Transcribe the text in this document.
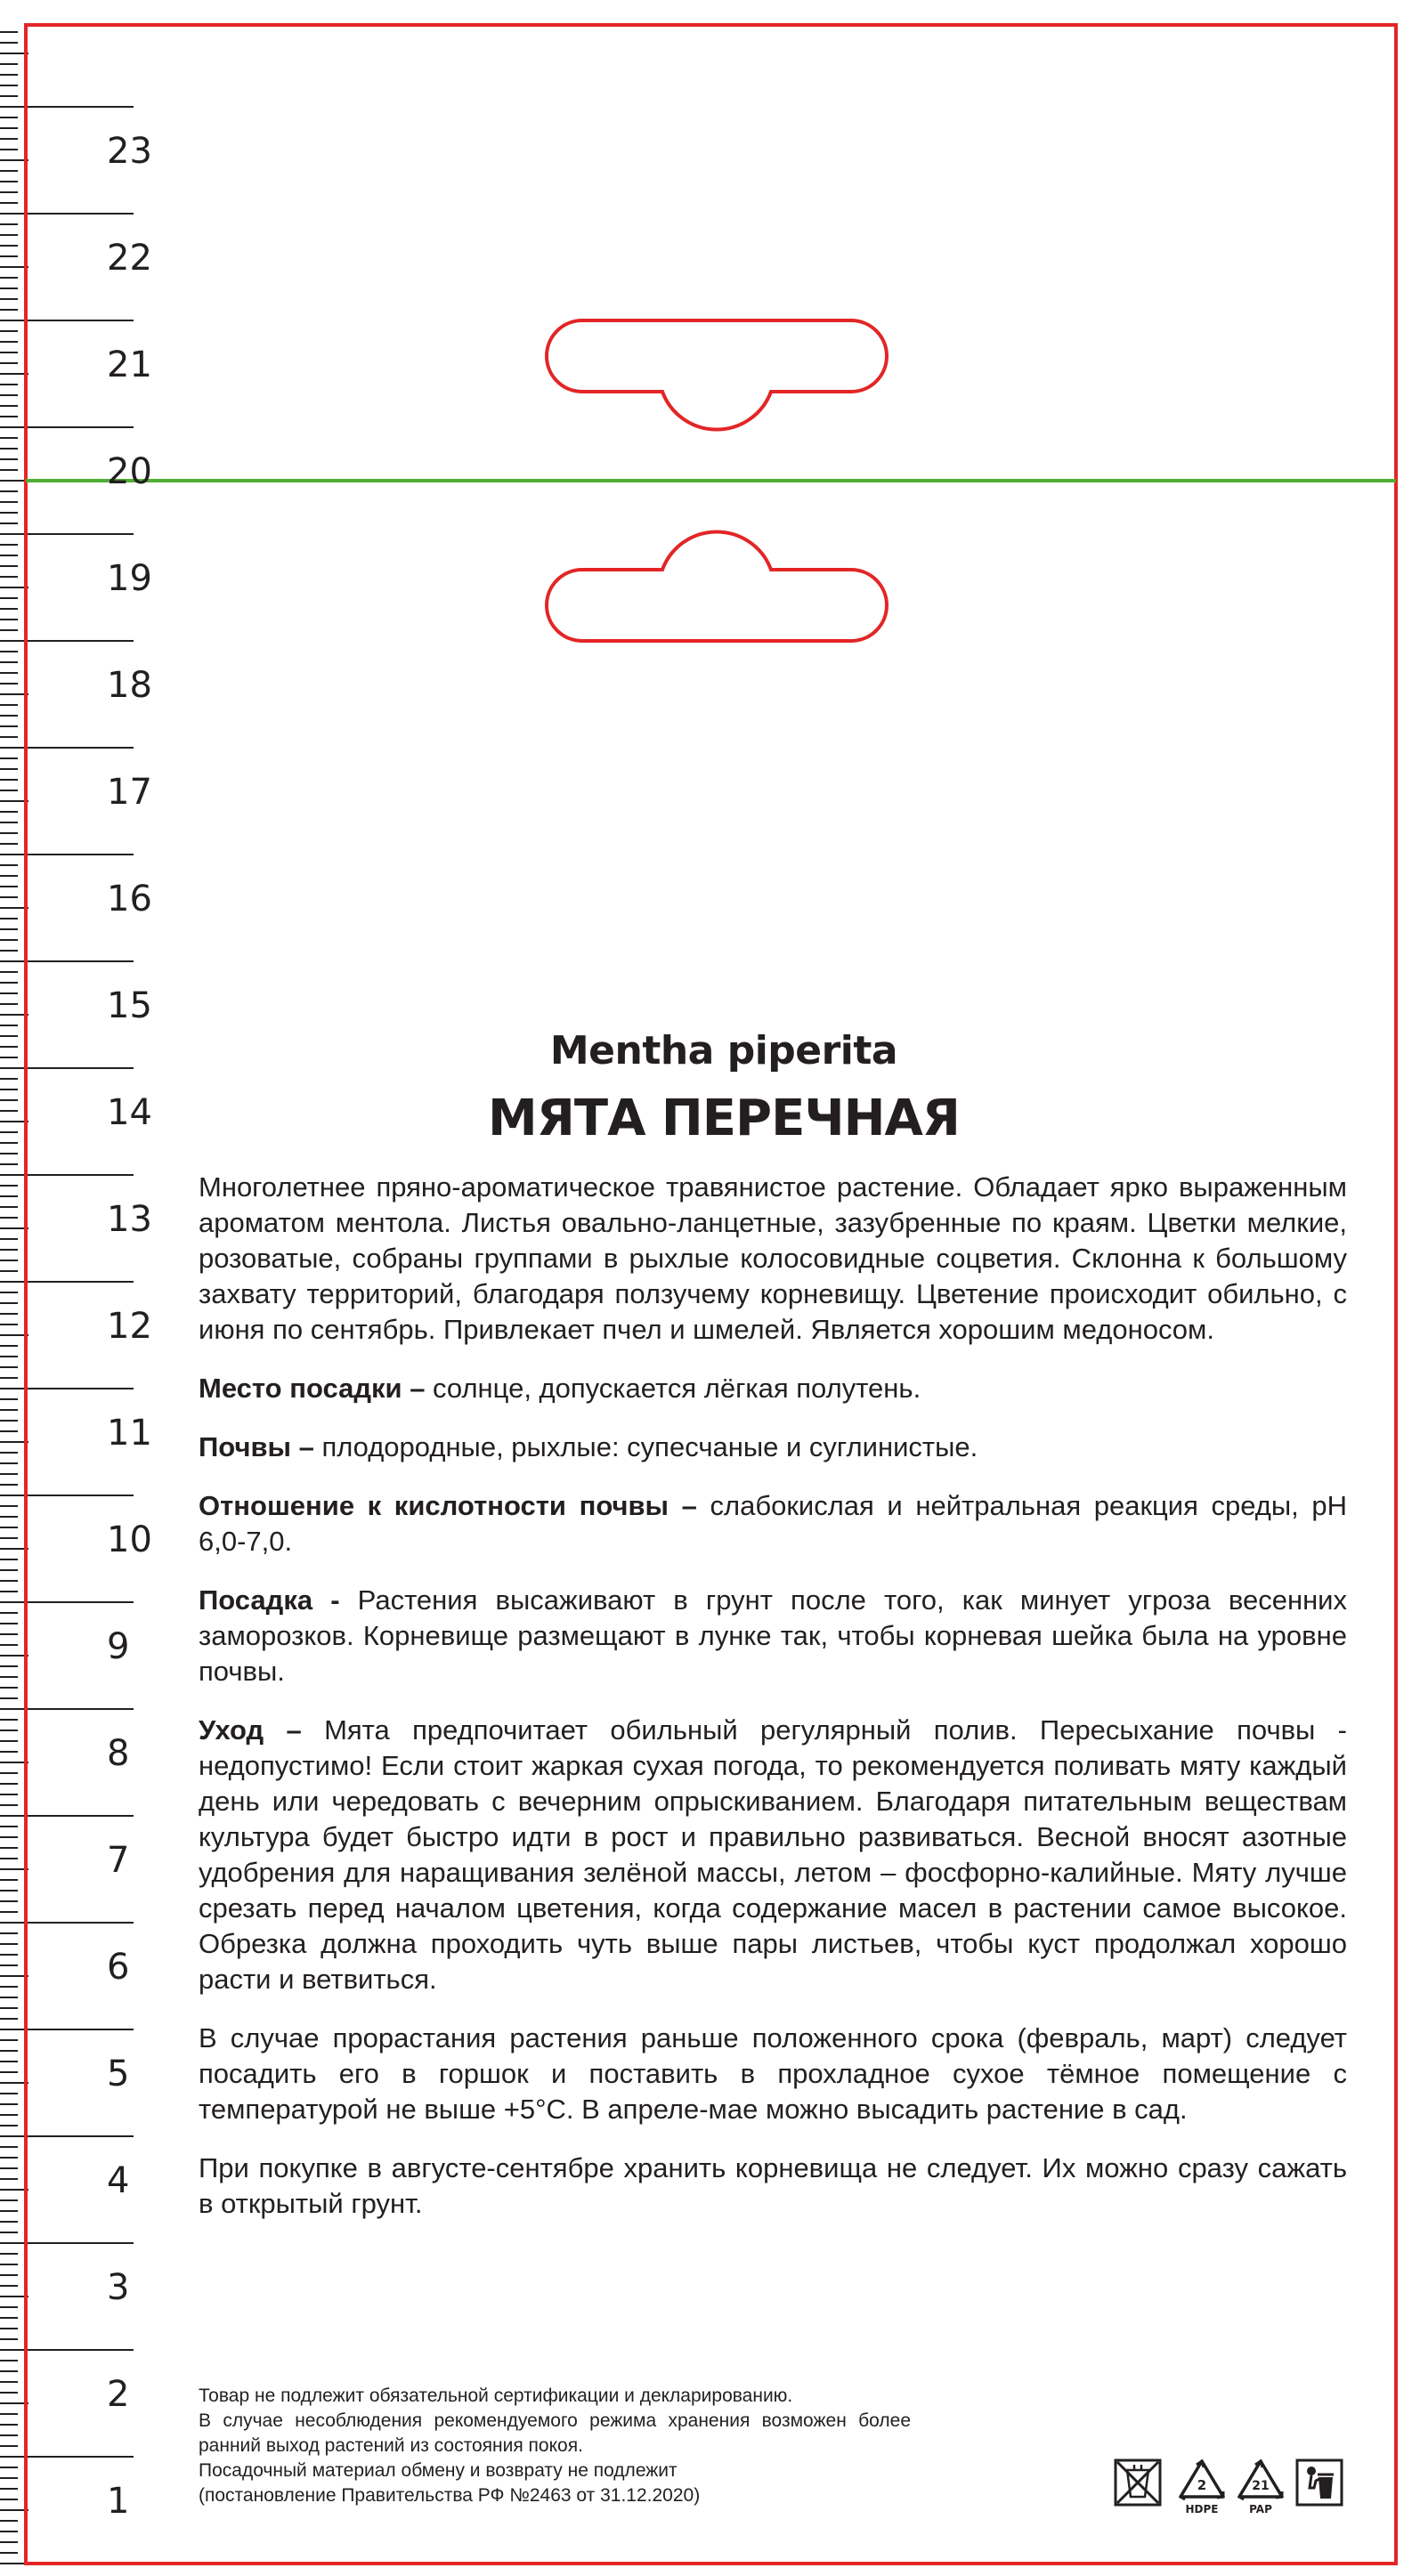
23
22
21
20
19
18
17
16
15
14
13
12
11
10
9
8
7
6
5
4
3
2
1
Mentha piperita
МЯТА ПЕРЕЧНАЯ

Многолетнее пряно-ароматическое травянистое растение. Обладает ярко выраженным ароматом ментола. Листья овально-ланцетные, зазубренные по краям. Цветки мелкие, розоватые, собраны группами в рыхлые колосовидные соцветия. Склонна к большому захвату территорий, благодаря ползучему корневищу. Цветение происходит обильно, с июня по сентябрь. Привлекает пчел и шмелей. Является хорошим медоносом.

Место посадки – солнце, допускается лёгкая полутень.

Почвы – плодородные, рыхлые: супесчаные и суглинистые.

Отношение к кислотности почвы – слабокислая и нейтральная реакция среды, pH 6,0-7,0.

Посадка - Растения высаживают в грунт после того, как минует угроза весенних заморозков. Корневище размещают в лунке так, чтобы корневая шейка была на уровне почвы.

Уход – Мята предпочитает обильный регулярный полив. Пересыхание почвы - недопустимо! Если стоит жаркая сухая погода, то рекомендуется поливать мяту каждый день или чередовать с вечерним опрыскиванием. Благодаря питательным веществам культура будет быстро идти в рост и правильно развиваться. Весной вносят азотные удобрения для наращивания зелёной массы, летом – фосфорно-калийные. Мяту лучше срезать перед началом цветения, когда содержание масел в растении самое высокое. Обрезка должна проходить чуть выше пары листьев, чтобы куст продолжал хорошо расти и ветвиться.

В случае прорастания растения раньше положенного срока (февраль, март) следует посадить его в горшок и поставить в прохладное сухое тёмное помещение с температурой не выше +5°C. В апреле-мае можно высадить растение в сад.

При покупке в августе-сентябре хранить корневища не следует. Их можно сразу сажать в открытый грунт.

Товар не подлежит обязательной сертификации и декларированию.
В случае несоблюдения рекомендуемого режима хранения возможен более ранний выход растений из состояния покоя.
Посадочный материал обмену и возврату не подлежит
(постановление Правительства РФ №2463 от 31.12.2020)	2
HDPE
21
PAP
